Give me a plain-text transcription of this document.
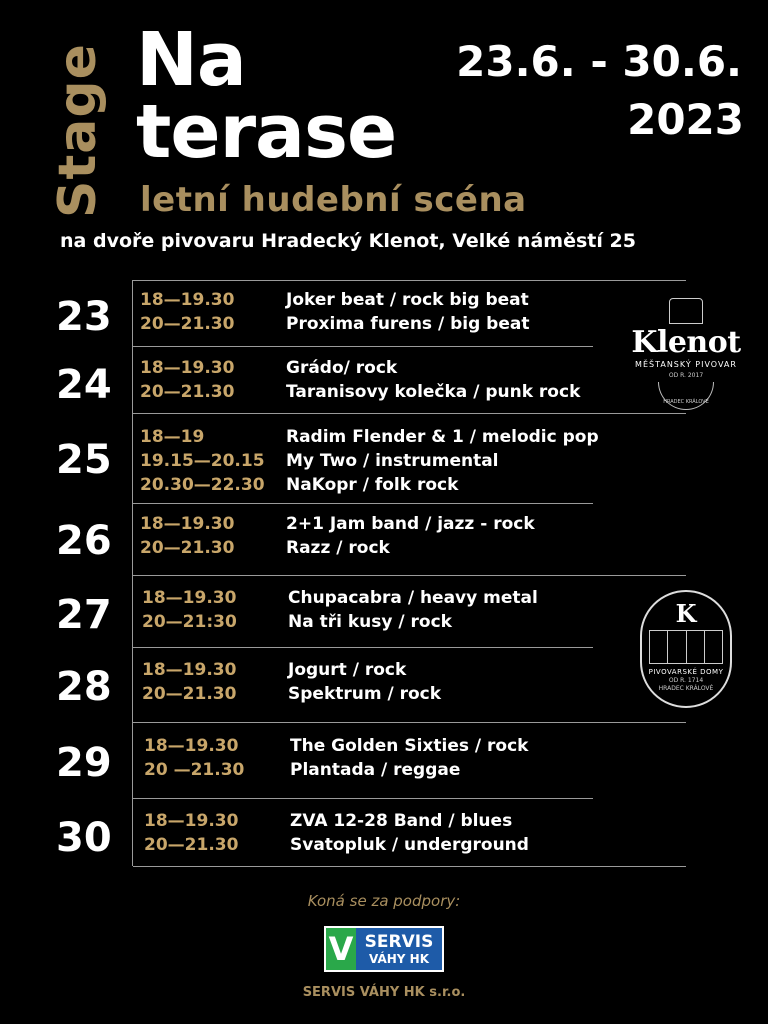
Stage Na
terase
letní hudební scéna
23.6. - 30.6.
2023
na dvoře pivovaru Hradecký Klenot, Velké náměstí 25
23	18—19.30	Joker beat / rock big beat
20—21.30	Proxima furens / big beat
24	18—19.30	Grádo/ rock
20—21.30	Taranisovy kolečka / punk rock
25	18—19	Radim Flender & 1 / melodic pop
19.15—20.15 My Two / instrumental
20.30—22.30 NaKopr / folk rock
26	18—19.30	2+1 Jam band / jazz - rock
20—21.30	Razz / rock
27	18—19.30	Chupacabra / heavy metal
20—21:30	Na tři kusy / rock
28	18—19.30	Jogurt / rock
20—21.30	Spektrum / rock
29	18—19.30	The Golden Sixties / rock
20 —21.30	Plantada / reggae
30	18—19.30	ZVA 12-28 Band / blues
20—21.30	Svatopluk / underground
Klenot
MĚŠTANSKÝ PIVOVAR
OD R. 2017
HRADEC KRÁLOVÉ
K
PIVOVARSKÉ DOMY
OD R. 1714
HRADEC KRÁLOVÉ
Koná se za podpory:
V SERVIS
VÁHY HK
SERVIS VÁHY HK s.r.o.
